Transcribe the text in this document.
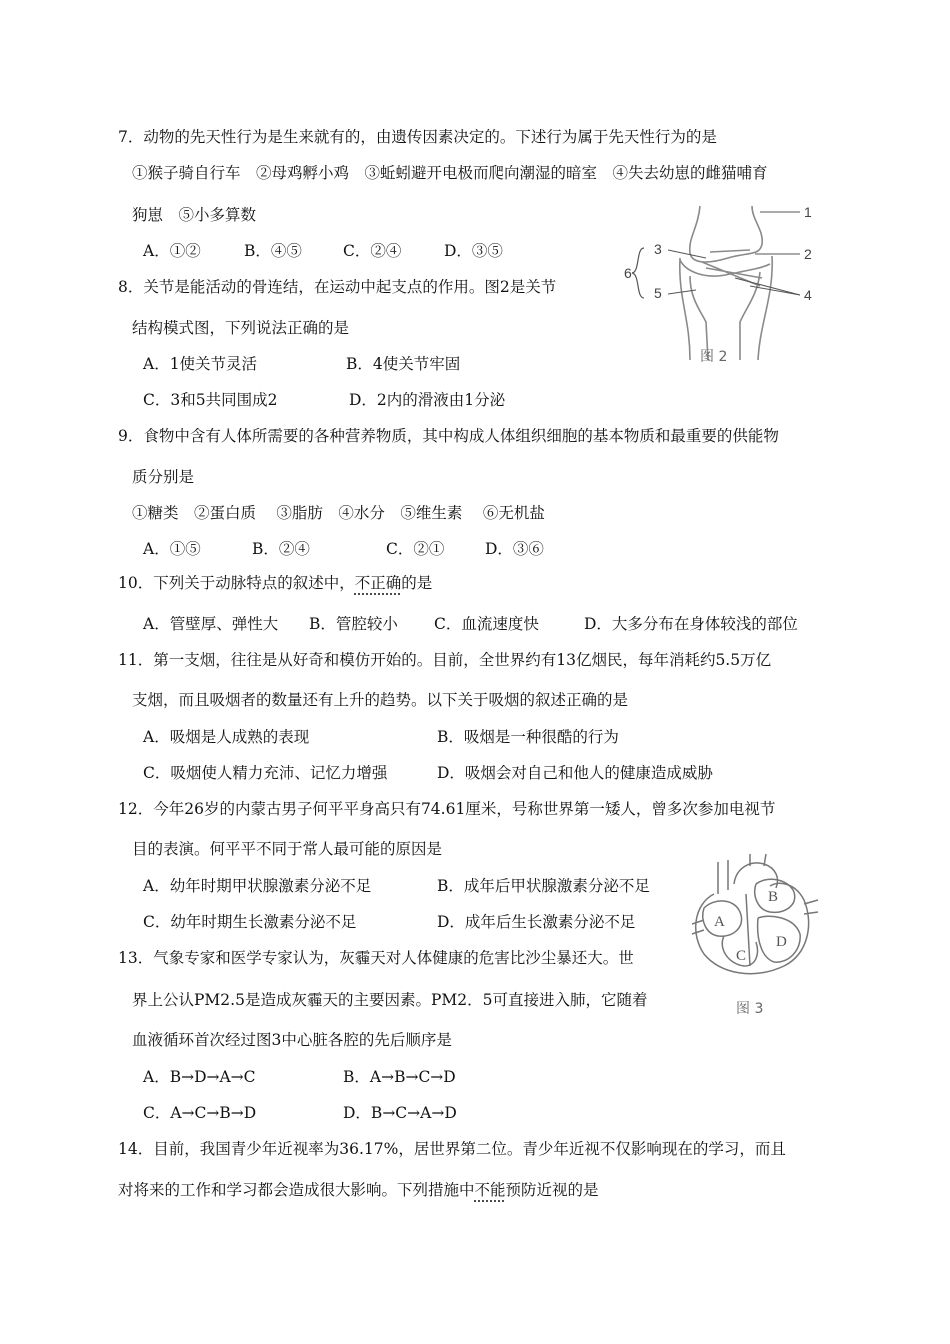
7．动物的先天性行为是生来就有的，由遗传因素决定的。下述行为属于先天性行为的是
①猴子骑自行车　②母鸡孵小鸡　③蚯蚓避开电极而爬向潮湿的暗室　④失去幼崽的雌猫哺育
狗崽　⑤小多算数
A．①②	B．④⑤	C．②④	D．③⑤
1
2
3
4
5
6
图 2
8．关节是能活动的骨连结，在运动中起支点的作用。图2是关节
结构模式图，下列说法正确的是
A．1使关节灵活	B．4使关节牢固
C．3和5共同围成2	D．2内的滑液由1分泌
9．食物中含有人体所需要的各种营养物质，其中构成人体组织细胞的基本物质和最重要的供能物
质分别是
①糖类　②蛋白质　 ③脂肪　④水分　⑤维生素　 ⑥无机盐
A．①⑤	B．②④	C．②①	D．③⑥
10．下列关于动脉特点的叙述中，不正确的是
A．管壁厚、弹性大 B．管腔较小 C．血流速度快	D．大多分布在身体较浅的部位
11．第一支烟，往往是从好奇和模仿开始的。目前，全世界约有13亿烟民，每年消耗约5.5万亿
支烟，而且吸烟者的数量还有上升的趋势。以下关于吸烟的叙述正确的是
A．吸烟是人成熟的表现	B．吸烟是一种很酷的行为
C．吸烟使人精力充沛、记忆力增强	D．吸烟会对自己和他人的健康造成威胁
12．今年26岁的内蒙古男子何平平身高只有74.61厘米，号称世界第一矮人，曾多次参加电视节
目的表演。何平平不同于常人最可能的原因是
A．幼年时期甲状腺激素分泌不足	B．成年后甲状腺激素分泌不足
C．幼年时期生长激素分泌不足	D．成年后生长激素分泌不足	A
B
C
D
图 3
13．气象专家和医学专家认为，灰霾天对人体健康的危害比沙尘暴还大。世
界上公认PM2.5是造成灰霾天的主要因素。PM2．5可直接进入肺，它随着
血液循环首次经过图3中心脏各腔的先后顺序是
A．B→D→A→C	B．A→B→C→D
C．A→C→B→D	D．B→C→A→D
14．目前，我国青少年近视率为36.17%，居世界第二位。青少年近视不仅影响现在的学习，而且
对将来的工作和学习都会造成很大影响。下列措施中不能预防近视的是
